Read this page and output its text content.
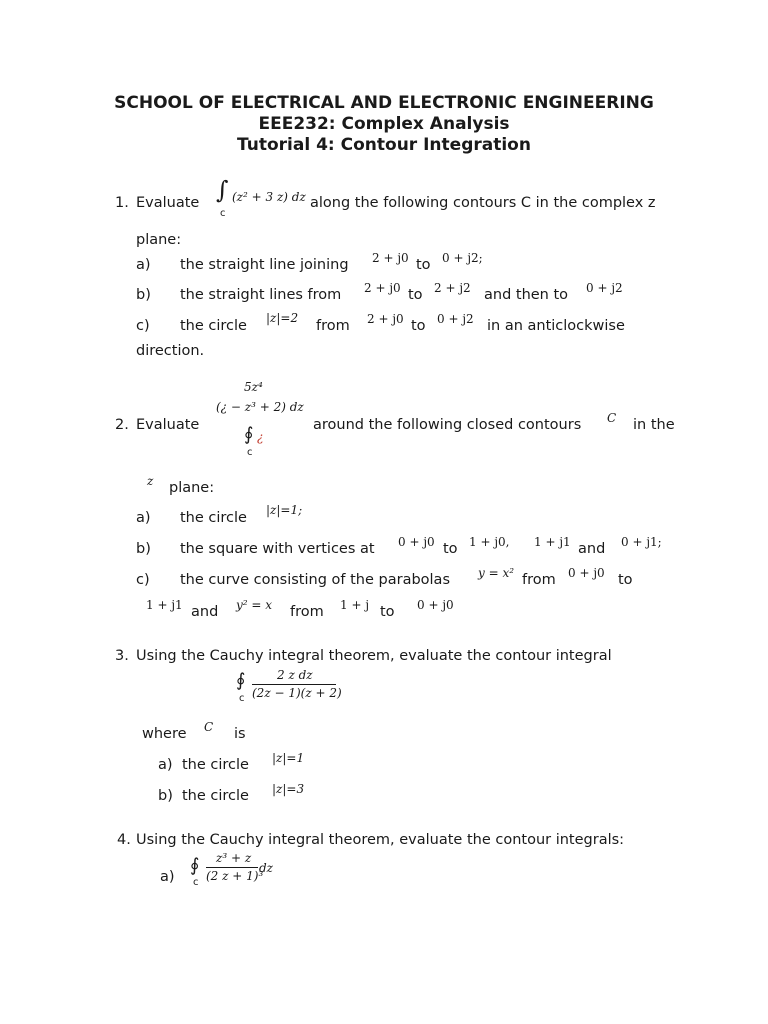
SCHOOL OF ELECTRICAL AND ELECTRONIC ENGINEERING
EEE232: Complex Analysis
Tutorial 4: Contour Integration
1. Evaluate ∫
c
(z² + 3 z) dz along the following contours C in the complex z
plane:
a) the straight line joining 2 + j0 to 0 + j2;
b) the straight lines from 2 + j0 to 2 + j2 and then to 0 + j2
c) the circle |z|=2 from 2 + j0 to 0 + j2 in an anticlockwise
direction.
2. Evaluate
5z⁴
(¿ − z³ + 2) dz
∮ ¿
c
around the following closed contours C in the
z plane:
a) the circle |z|=1;
b) the square with vertices at 0 + j0 to 1 + j0, 1 + j1 and 0 + j1;
c) the curve consisting of the parabolas y = x² from 0 + j0 to
1 + j1 and y² = x from 1 + j to 0 + j0
3. Using the Cauchy integral theorem, evaluate the contour integral
∮
c
2 z dz
(2z − 1)(z + 2)
where C is
a) the circle |z|=1
b) the circle |z|=3
4. Using the Cauchy integral theorem, evaluate the contour integrals:
a)
∮
c
z³ + z
(2 z + 1)³
dz
